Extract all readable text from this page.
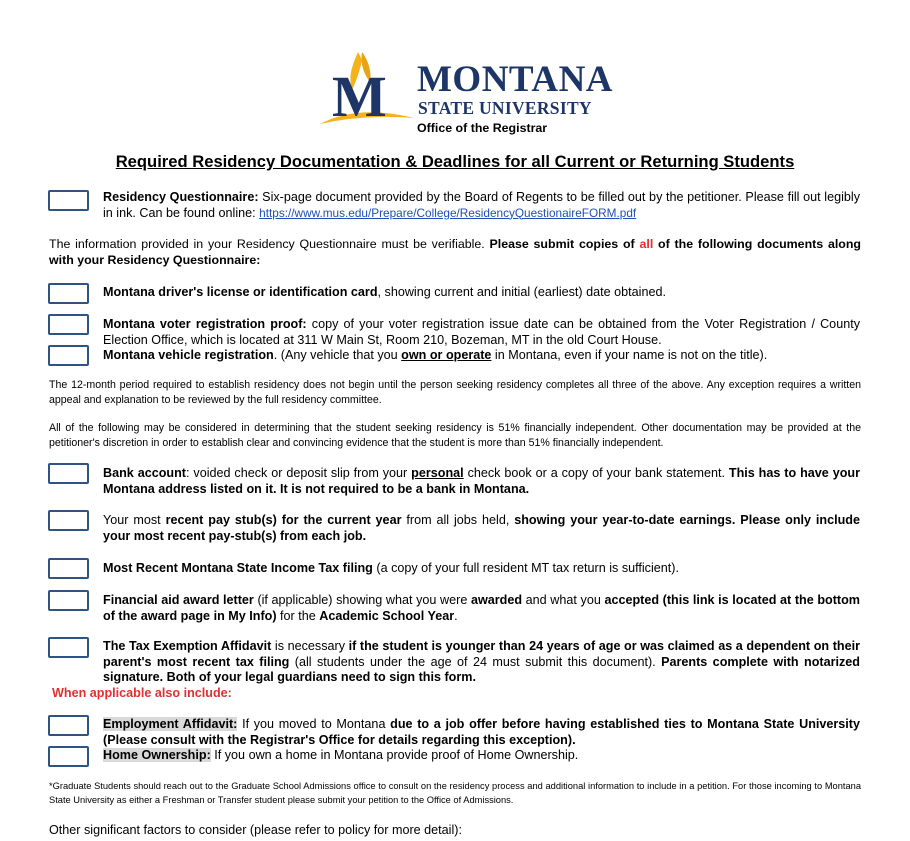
M MONTANA
STATE UNIVERSITY
Office of the Registrar
Required Residency Documentation & Deadlines for all Current or Returning Students
Residency Questionnaire: Six-page document provided by the Board of Regents to be filled out by the petitioner. Please fill out legibly in ink. Can be found online: https://www.mus.edu/Prepare/College/ResidencyQuestionaireFORM.pdf
The information provided in your Residency Questionnaire must be verifiable. Please submit copies of all of the following documents along with your Residency Questionnaire:
Montana driver's license or identification card, showing current and initial (earliest) date obtained.
Montana voter registration proof: copy of your voter registration issue date can be obtained from the Voter Registration / County Election Office, which is located at 311 W Main St, Room 210, Bozeman, MT in the old Court House.
Montana vehicle registration. (Any vehicle that you own or operate in Montana, even if your name is not on the title).
The 12-month period required to establish residency does not begin until the person seeking residency completes all three of the above. Any exception requires a written appeal and explanation to be reviewed by the full residency committee.
All of the following may be considered in determining that the student seeking residency is 51% financially independent. Other documentation may be provided at the petitioner's discretion in order to establish clear and convincing evidence that the student is more than 51% financially independent.
Bank account: voided check or deposit slip from your personal check book or a copy of your bank statement. This has to have your Montana address listed on it. It is not required to be a bank in Montana.
Your most recent pay stub(s) for the current year from all jobs held, showing your year-to-date earnings. Please only include your most recent pay-stub(s) from each job.
Most Recent Montana State Income Tax filing (a copy of your full resident MT tax return is sufficient).
Financial aid award letter (if applicable) showing what you were awarded and what you accepted (this link is located at the bottom of the award page in My Info) for the Academic School Year.
The Tax Exemption Affidavit is necessary if the student is younger than 24 years of age or was claimed as a dependent on their parent's most recent tax filing (all students under the age of 24 must submit this document). Parents complete with notarized signature. Both of your legal guardians need to sign this form.
When applicable also include:
Employment Affidavit: If you moved to Montana due to a job offer before having established ties to Montana State University (Please consult with the Registrar's Office for details regarding this exception).
Home Ownership: If you own a home in Montana provide proof of Home Ownership.
*Graduate Students should reach out to the Graduate School Admissions office to consult on the residency process and additional information to include in a petition. For those incoming to Montana State University as either a Freshman or Transfer student please submit your petition to the Office of Admissions.
Other significant factors to consider (please refer to policy for more detail):
